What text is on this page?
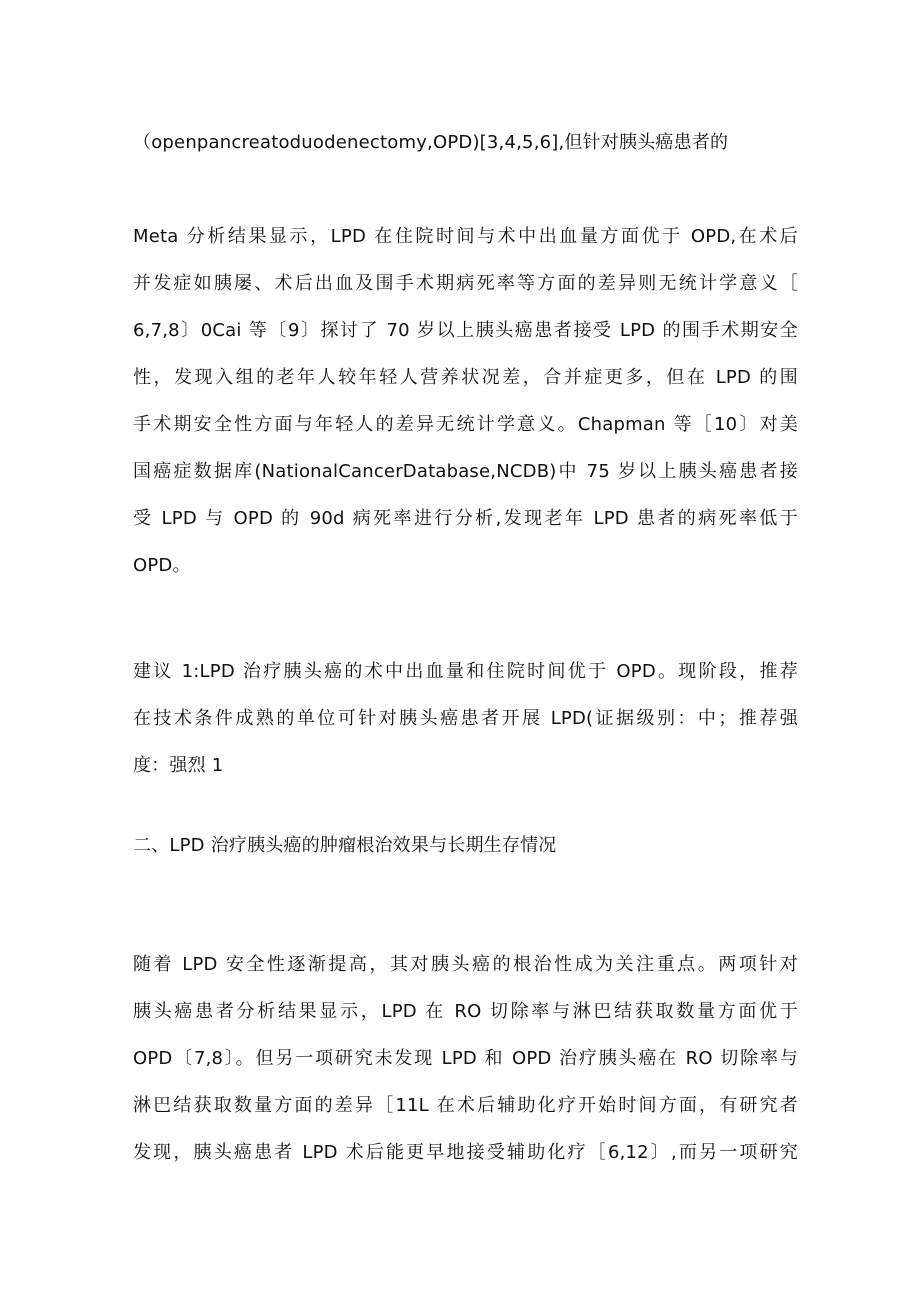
（openpancreatoduodenectomy,OPD)[3,4,5,6],但针对胰头癌患者的
Meta 分析结果显示，LPD 在住院时间与术中出血量方面优于 OPD,在术后
并发症如胰屡、术后出血及围手术期病死率等方面的差异则无统计学意义［
6,7,8〕0Cai 等〔9〕探讨了 70 岁以上胰头癌患者接受 LPD 的围手术期安全
性，发现入组的老年人较年轻人营养状况差，合并症更多，但在 LPD 的围
手术期安全性方面与年轻人的差异无统计学意义。Chapman 等［10〕对美
国癌症数据库(NationalCancerDatabase,NCDB)中 75 岁以上胰头癌患者接
受 LPD 与 OPD 的 90d 病死率进行分析,发现老年 LPD 患者的病死率低于
OPD。
建议 1:LPD 治疗胰头癌的术中出血量和住院时间优于 OPD。现阶段，推荐
在技术条件成熟的单位可针对胰头癌患者开展 LPD(证据级别：中；推荐强
度：强烈 1
二、LPD 治疗胰头癌的肿瘤根治效果与长期生存情况
随着 LPD 安全性逐渐提高，其对胰头癌的根治性成为关注重点。两项针对
胰头癌患者分析结果显示，LPD 在 RO 切除率与淋巴结获取数量方面优于
OPD〔7,8〕。但另一项研究未发现 LPD 和 OPD 治疗胰头癌在 RO 切除率与
淋巴结获取数量方面的差异［11L 在术后辅助化疗开始时间方面，有研究者
发现，胰头癌患者 LPD 术后能更早地接受辅助化疗［6,12〕,而另一项研究
